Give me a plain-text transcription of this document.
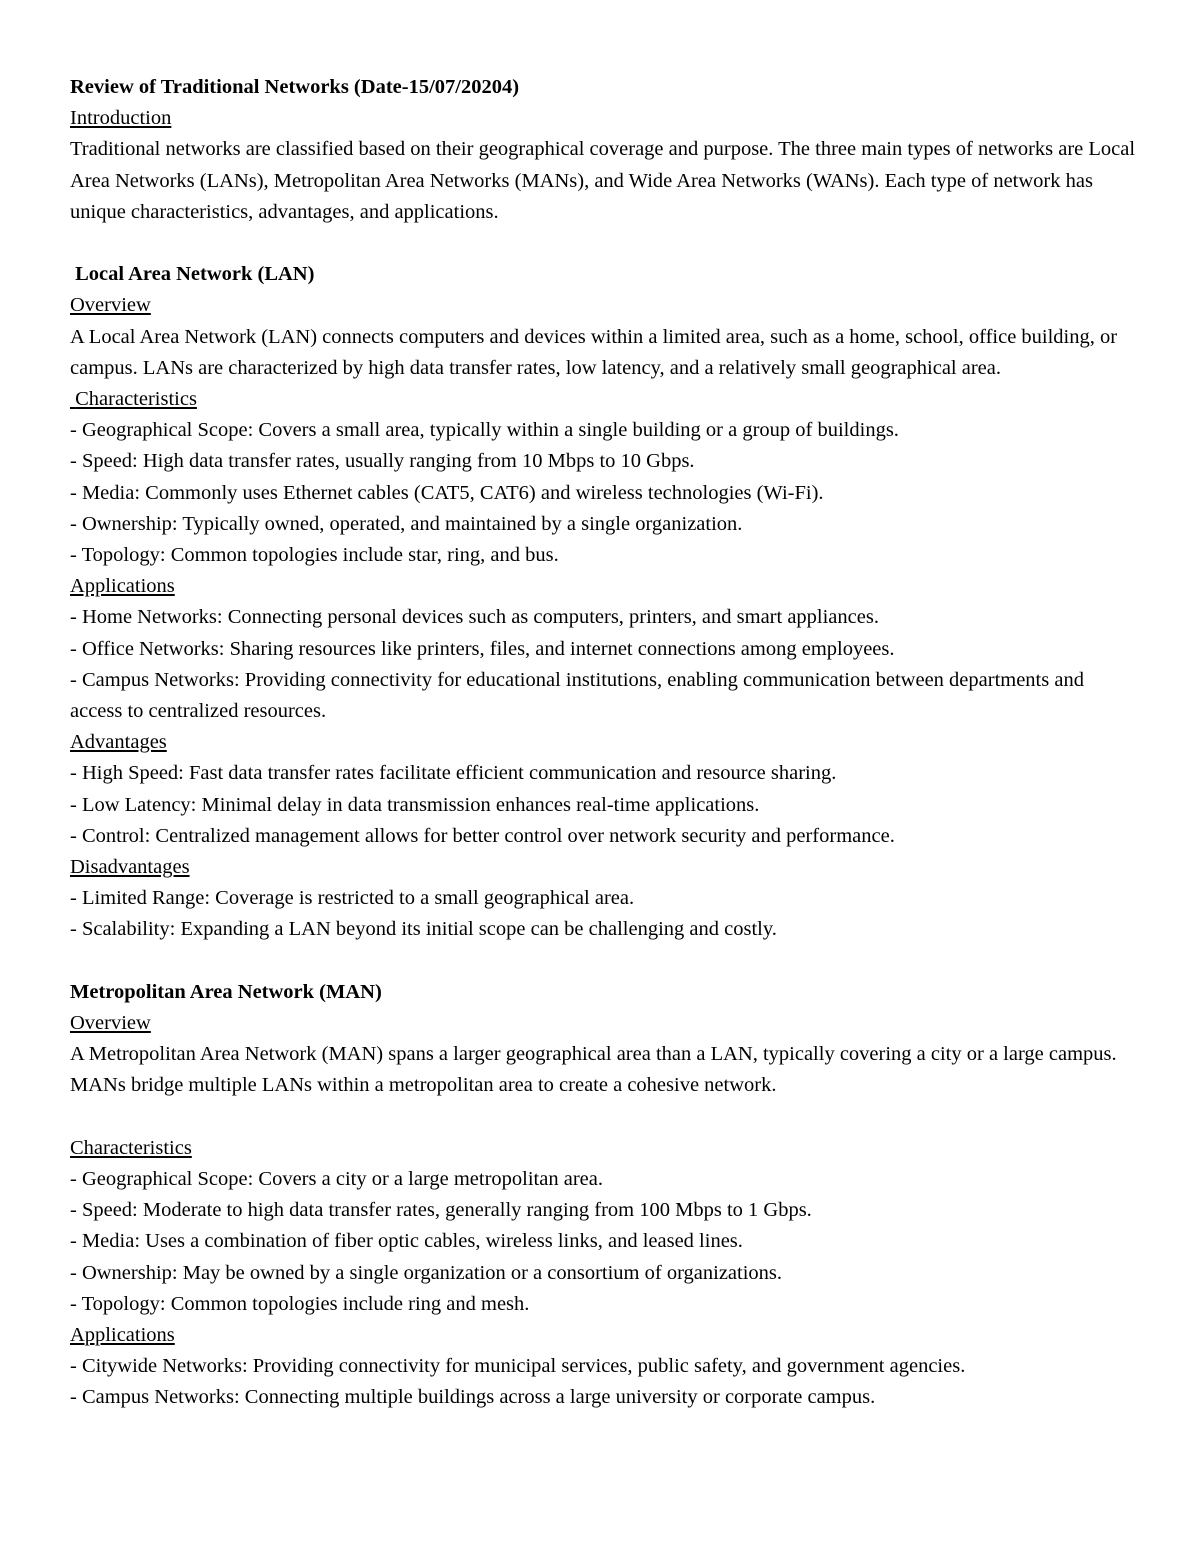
Review of Traditional Networks (Date-15/07/20204)
Introduction

Traditional networks are classified based on their geographical coverage and purpose. The three main types of networks are Local Area Networks (LANs), Metropolitan Area Networks (MANs), and Wide Area Networks (WANs). Each type of network has unique characteristics, advantages, and applications.

Local Area Network (LAN)
Overview

A Local Area Network (LAN) connects computers and devices within a limited area, such as a home, school, office building, or campus. LANs are characterized by high data transfer rates, low latency, and a relatively small geographical area.

Characteristics
- Geographical Scope: Covers a small area, typically within a single building or a group of buildings.
- Speed: High data transfer rates, usually ranging from 10 Mbps to 10 Gbps.
- Media: Commonly uses Ethernet cables (CAT5, CAT6) and wireless technologies (Wi-Fi).
- Ownership: Typically owned, operated, and maintained by a single organization.
- Topology: Common topologies include star, ring, and bus.
Applications
- Home Networks: Connecting personal devices such as computers, printers, and smart appliances.
- Office Networks: Sharing resources like printers, files, and internet connections among employees.
- Campus Networks: Providing connectivity for educational institutions, enabling communication between departments and access to centralized resources.
Advantages
- High Speed: Fast data transfer rates facilitate efficient communication and resource sharing.
- Low Latency: Minimal delay in data transmission enhances real-time applications.
- Control: Centralized management allows for better control over network security and performance.
Disadvantages
- Limited Range: Coverage is restricted to a small geographical area.
- Scalability: Expanding a LAN beyond its initial scope can be challenging and costly.
Metropolitan Area Network (MAN)
Overview

A Metropolitan Area Network (MAN) spans a larger geographical area than a LAN, typically covering a city or a large campus. MANs bridge multiple LANs within a metropolitan area to create a cohesive network.

Characteristics
- Geographical Scope: Covers a city or a large metropolitan area.
- Speed: Moderate to high data transfer rates, generally ranging from 100 Mbps to 1 Gbps.
- Media: Uses a combination of fiber optic cables, wireless links, and leased lines.
- Ownership: May be owned by a single organization or a consortium of organizations.
- Topology: Common topologies include ring and mesh.
Applications
- Citywide Networks: Providing connectivity for municipal services, public safety, and government agencies.
- Campus Networks: Connecting multiple buildings across a large university or corporate campus.
